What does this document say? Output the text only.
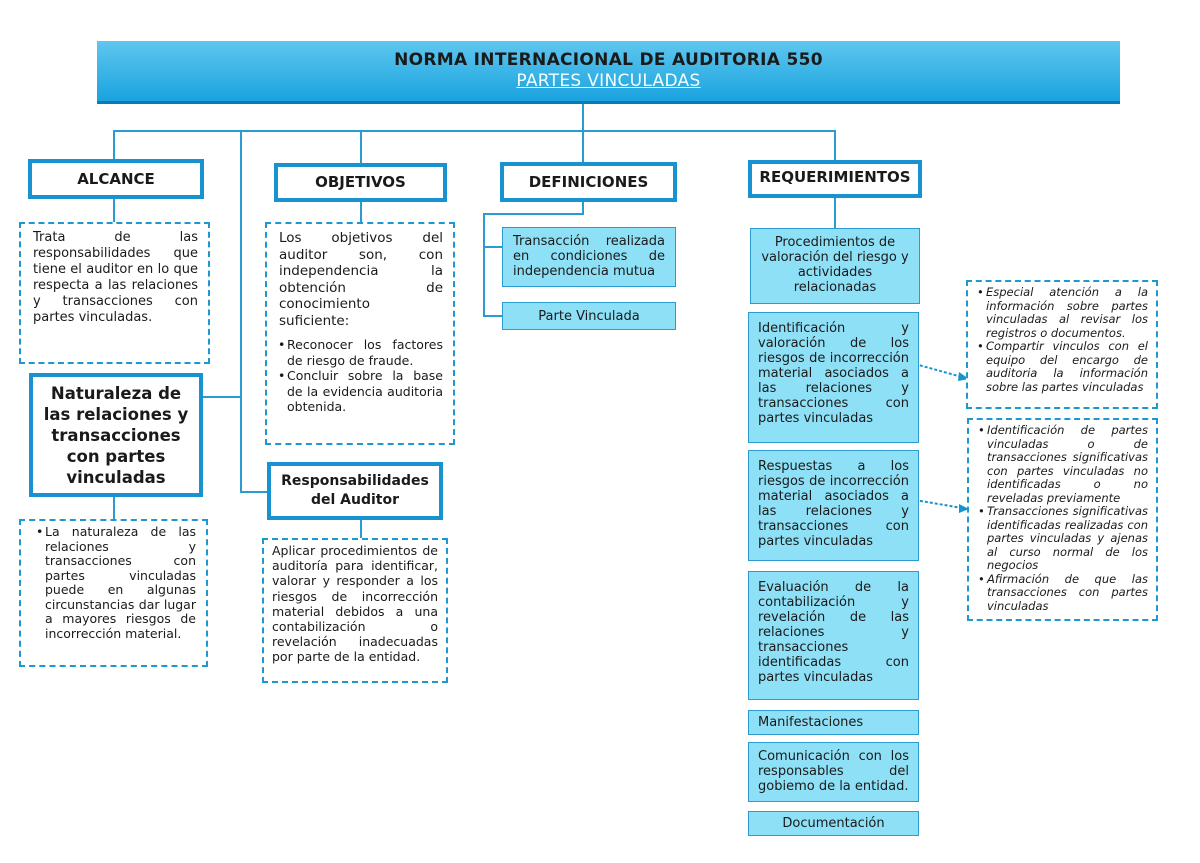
NORMA INTERNACIONAL DE AUDITORIA 550
PARTES VINCULADAS
ALCANCE
Trata de las responsabilidades que tiene el auditor en lo que respecta a las relaciones y transacciones con partes vinculadas.
Naturaleza de las relaciones y transacciones con partes vinculadas
• La naturaleza de las relaciones y transacciones con partes vinculadas puede en algunas circunstancias dar lugar a mayores riesgos de incorrección material.
OBJETIVOS
Los objetivos del auditor son, con independencia la obtención de conocimiento suficiente:
• Reconocer los factores de riesgo de fraude.
• Concluir sobre la base de la evidencia auditoria obtenida.
Responsabilidades del Auditor
Aplicar procedimientos de auditoría para identificar, valorar y responder a los riesgos de incorrección material debidos a una contabilización o revelación inadecuadas por parte de la entidad.
DEFINICIONES
Transacción realizada en condiciones de independencia mutua
Parte Vinculada
REQUERIMIENTOS
Procedimientos de valoración del riesgo y actividades relacionadas
Identificación y valoración de los riesgos de incorrección material asociados a las relaciones y transacciones con partes vinculadas
Respuestas a los riesgos de incorrección material asociados a las relaciones y transacciones con partes vinculadas
Evaluación de la contabilización y revelación de las relaciones y transacciones identificadas con partes vinculadas
Manifestaciones
Comunicación con los responsables del gobiemo de la entidad.
Documentación
• Especial atención a la información sobre partes vinculadas al revisar los registros o documentos.
• Compartir vinculos con el equipo del encargo de auditoria la información sobre las partes vinculadas
• Identificación de partes vinculadas o de transacciones significativas con partes vinculadas no identificadas o no reveladas previamente
• Transacciones significativas identificadas realizadas con partes vinculadas y ajenas al curso normal de los negocios
• Afirmación de que las transacciones con partes vinculadas
